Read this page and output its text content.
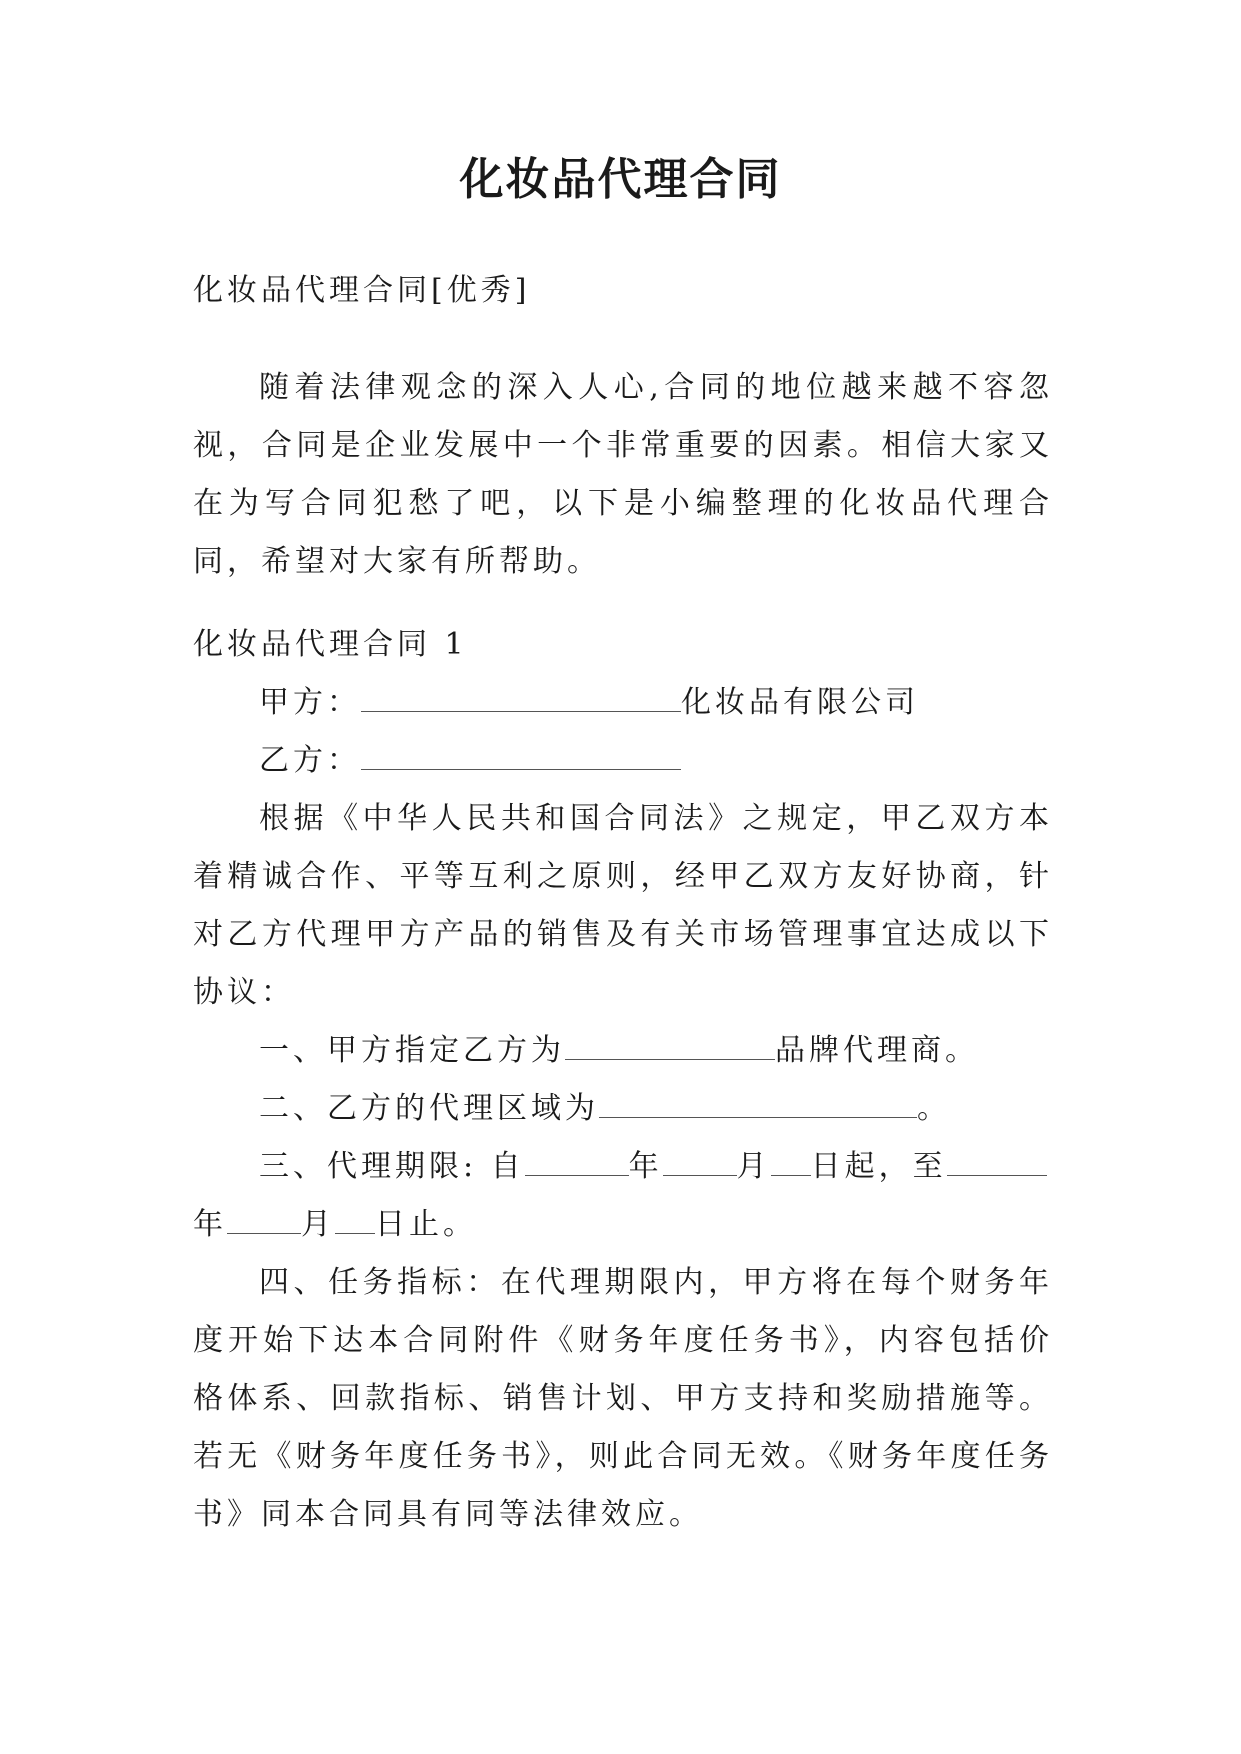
化妆品代理合同
化妆品代理合同[优秀]

随着法律观念的深入人心,合同的地位越来越不容忽视，合同是企业发展中一个非常重要的因素。相信大家又在为写合同犯愁了吧，以下是小编整理的化妆品代理合同，希望对大家有所帮助。

化妆品代理合同 1
甲方：	化妆品有限公司
乙方：

根据《中华人民共和国合同法》之规定，甲乙双方本着精诚合作、平等互利之原则，经甲乙双方友好协商，针对乙方代理甲方产品的销售及有关市场管理事宜达成以下协议：

一、甲方指定乙方为	品牌代理商。
二、乙方的代理区域为	。
三、代理期限: 自	年 月 日起，至
年 月 日止。

四、任务指标：在代理期限内，甲方将在每个财务年度开始下达本合同附件《财务年度任务书》，内容包括价格体系、回款指标、销售计划、甲方支持和奖励措施等。若无《财务年度任务书》，则此合同无效。《财务年度任务书》同本合同具有同等法律效应。
